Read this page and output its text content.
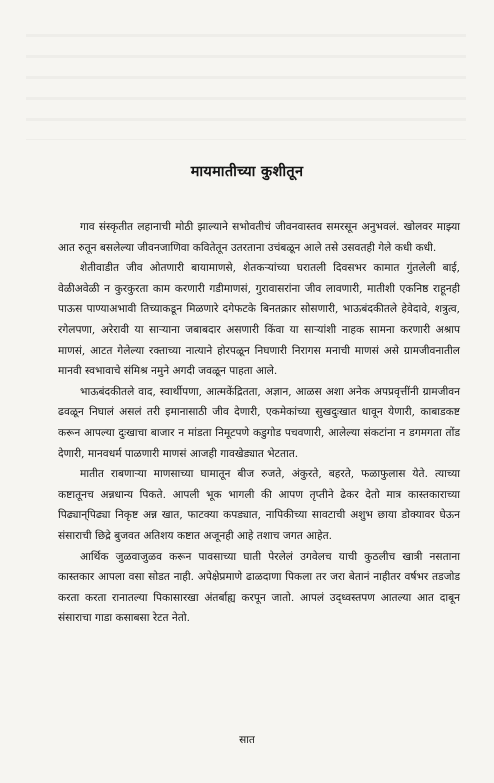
मायमातीच्या कुशीतून

गाव संस्कृतीत लहानाची मोठी झाल्याने सभोवतीचं जीवनवास्तव समरसून अनुभवलं. खोलवर माझ्या आत रुतून बसलेल्या जीवनजाणिवा कवितेतून उतरताना उचंबळून आले तसे उसवतही गेले कधी कधी.

शेतीवाडीत जीव ओतणारी बायामाणसे, शेतकऱ्यांच्या घरातली दिवसभर कामात गुंतलेली बाई, वेळीअवेळी न कुरकुरता काम करणारी गडीमाणसं, गुरावासरांना जीव लावणारी, मातीशी एकनिष्ठ राहूनही पाऊस पाण्याअभावी तिच्याकडून मिळणारे दगेफटके बिनतक्रार सोसणारी, भाऊबंदकीतले हेवेदावे, शत्रुत्व, रगेलपणा, अरेरावी या साऱ्याना जबाबदार असणारी किंवा या साऱ्यांशी नाहक सामना करणारी अश्राप माणसं, आटत गेलेल्या रक्ताच्या नात्याने होरपळून निघणारी निरागस मनाची माणसं असे ग्रामजीवनातील मानवी स्वभावाचे संमिश्र नमुने अगदी जवळून पाहता आले.

भाऊबंदकीतले वाद, स्वार्थीपणा, आत्मकेंद्रितता, अज्ञान, आळस अशा अनेक अपप्रवृत्तींनी ग्रामजीवन ढवळून निघालं असलं तरी इमानासाठी जीव देणारी, एकमेकांच्या सुखदुःखात धावून येणारी, काबाडकष्ट करून आपल्या दुःखाचा बाजार न मांडता निमूटपणे कडुगोड पचवणारी, आलेल्या संकटांना न डगमगता तोंड देणारी, मानवधर्म पाळणारी माणसं आजही गावखेड्यात भेटतात.

मातीत राबणाऱ्या माणसाच्या घामातून बीज रुजते, अंकुरते, बहरते, फळाफुलास येते. त्याच्या कष्टातूनच अन्नधान्य पिकते. आपली भूक भागली की आपण तृप्तीने ढेकर देतो मात्र कास्तकाराच्या पिढ्यान्‌पिढ्या निकृष्ट अन्न खात, फाटक्या कपड्यात, नापिकीच्या सावटाची अशुभ छाया डोक्यावर घेऊन संसाराची छिद्रे बुजवत अतिशय कष्टात अजूनही आहे तशाच जगत आहेत.

आर्थिक जुळवाजुळव करून पावसाच्या घाती पेरलेलं उगवेलच याची कुठलीच खात्री नसताना कास्तकार आपला वसा सोडत नाही. अपेक्षेप्रमाणे ढाळदाणा पिकला तर जरा बेतानं नाहीतर वर्षभर तडजोड करता करता रानातल्या पिकासारखा अंतर्बाह्य करपून जातो. आपलं उद्ध्वस्तपण आतल्या आत दाबून संसाराचा गाडा कसाबसा रेटत नेतो.

सात
